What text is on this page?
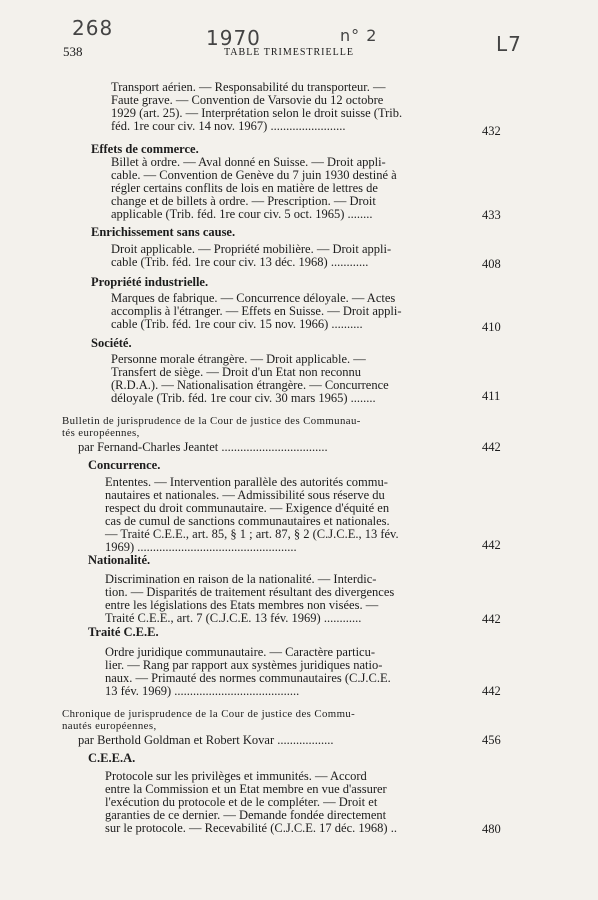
268	1970	n° 2	L7
538	TABLE TRIMESTRIELLE
Transport aérien. — Responsabilité du transporteur. —
Faute grave. — Convention de Varsovie du 12 octobre
1929 (art. 25). — Interprétation selon le droit suisse (Trib.
féd. 1re cour civ. 14 nov. 1967) ........................	432
Effets de commerce.
Billet à ordre. — Aval donné en Suisse. — Droit appli-
cable. — Convention de Genève du 7 juin 1930 destiné à
régler certains conflits de lois en matière de lettres de
change et de billets à ordre. — Prescription. — Droit
applicable (Trib. féd. 1re cour civ. 5 oct. 1965) ........	433
Enrichissement sans cause.
Droit applicable. — Propriété mobilière. — Droit appli-
cable (Trib. féd. 1re cour civ. 13 déc. 1968) ............	408
Propriété industrielle.
Marques de fabrique. — Concurrence déloyale. — Actes
accomplis à l'étranger. — Effets en Suisse. — Droit appli-
cable (Trib. féd. 1re cour civ. 15 nov. 1966) ..........	410
Société.
Personne morale étrangère. — Droit applicable. —
Transfert de siège. — Droit d'un Etat non reconnu
(R.D.A.). — Nationalisation étrangère. — Concurrence
déloyale (Trib. féd. 1re cour civ. 30 mars 1965) ........	411
Bulletin de jurisprudence de la Cour de justice des Communau-
tés européennes,
par Fernand-Charles Jeantet ..................................	442
Concurrence.
Ententes. — Intervention parallèle des autorités commu-
nautaires et nationales. — Admissibilité sous réserve du
respect du droit communautaire. — Exigence d'équité en
cas de cumul de sanctions communautaires et nationales.
— Traité C.E.E., art. 85, § 1 ; art. 87, § 2 (C.J.C.E., 13 fév.
1969) ...................................................	442
Nationalité.
Discrimination en raison de la nationalité. — Interdic-
tion. — Disparités de traitement résultant des divergences
entre les législations des Etats membres non visées. —
Traité C.E.E., art. 7 (C.J.C.E. 13 fév. 1969) ............	442
Traité C.E.E.
Ordre juridique communautaire. — Caractère particu-
lier. — Rang par rapport aux systèmes juridiques natio-
naux. — Primauté des normes communautaires (C.J.C.E.
13 fév. 1969) ........................................	442
Chronique de jurisprudence de la Cour de justice des Commu-
nautés européennes,
par Berthold Goldman et Robert Kovar ..................	456
C.E.E.A.
Protocole sur les privilèges et immunités. — Accord
entre la Commission et un Etat membre en vue d'assurer
l'exécution du protocole et de le compléter. — Droit et
garanties de ce dernier. — Demande fondée directement
sur le protocole. — Recevabilité (C.J.C.E. 17 déc. 1968) ..	480
